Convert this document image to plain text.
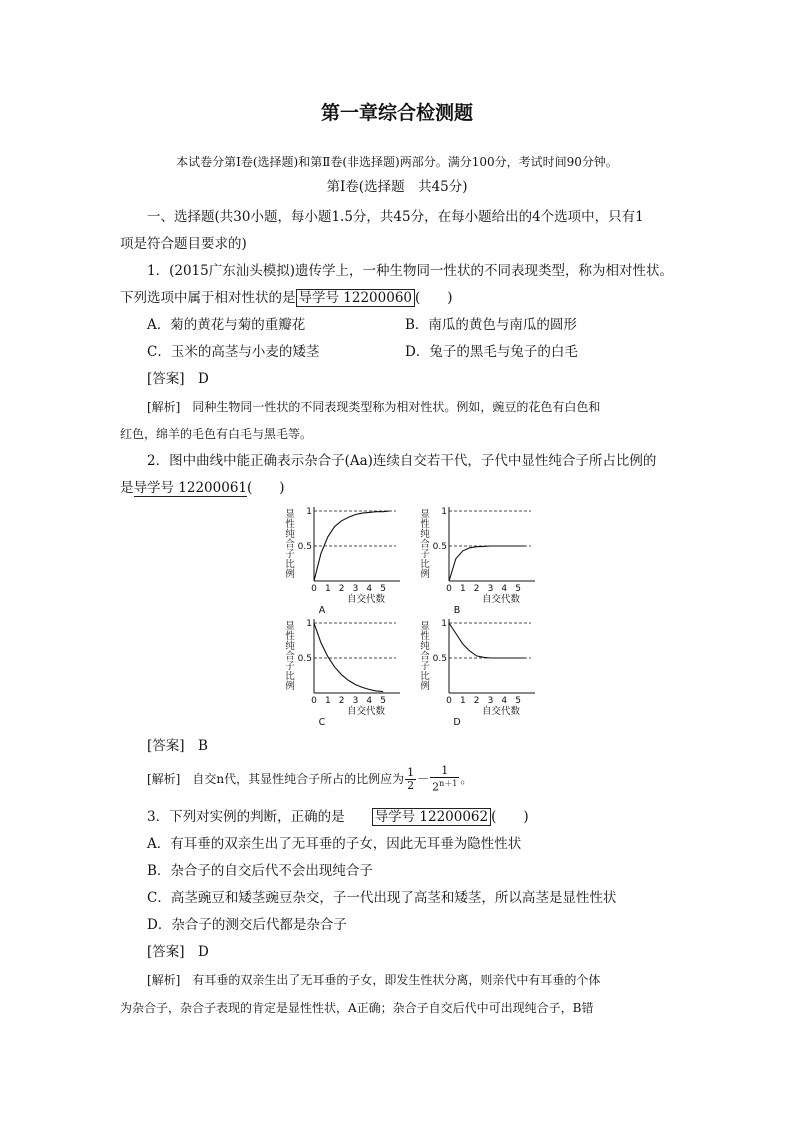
第一章综合检测题
本试卷分第Ⅰ卷(选择题)和第Ⅱ卷(非选择题)两部分。满分100分，考试时间90分钟。
第Ⅰ卷(选择题　共45分)
一、选择题(共30小题，每小题1.5分，共45分，在每小题给出的4个选项中，只有1
项是符合题目要求的)
1．(2015广东汕头模拟)遗传学上，一种生物同一性状的不同表现类型，称为相对性状。
下列选项中属于相对性状的是 导学号 12200060 (　　)
A．菊的黄花与菊的重瓣花	B．南瓜的黄色与南瓜的圆形
C．玉米的高茎与小麦的矮茎	D．兔子的黑毛与兔子的白毛
[答案]　 D
[解析]　 同种生物同一性状的不同表现类型称为相对性状。例如，豌豆的花色有白色和
红色，绵羊的毛色有白毛与黑毛等。
2．图中曲线中能正确表示杂合子(Aa)连续自交若干代，子代中显性纯合子所占比例的
是导学号 12200061(　　)
显
性
纯
合
子
比
例
1
0.5
0 1 2 3 4 5
自交代数
A
显
性
纯
合
子
比
例
1
0.5
0 1 2 3 4 5
自交代数
B
显
性
纯
合
子
比
例
1
0.5
0 1 2 3 4 5
自交代数
C
显
性
纯
合
子
比
例
1
0.5
0 1 2 3 4 5
自交代数
D
[答案]　 B
[解析]　 自交n代，其显性纯合子所占的比例应为 $\frac{1}{2} - \frac{1}{2^{n+1}}$ 。
3．下列对实例的判断，正确的是　　 导学号 12200062 (　　)
A．有耳垂的双亲生出了无耳垂的子女，因此无耳垂为隐性性状
B．杂合子的自交后代不会出现纯合子
C．高茎豌豆和矮茎豌豆杂交，子一代出现了高茎和矮茎，所以高茎是显性性状
D．杂合子的测交后代都是杂合子
[答案]　 D
[解析]　 有耳垂的双亲生出了无耳垂的子女，即发生性状分离，则亲代中有耳垂的个体
为杂合子，杂合子表现的肯定是显性性状，A正确；杂合子自交后代中可出现纯合子，B错
